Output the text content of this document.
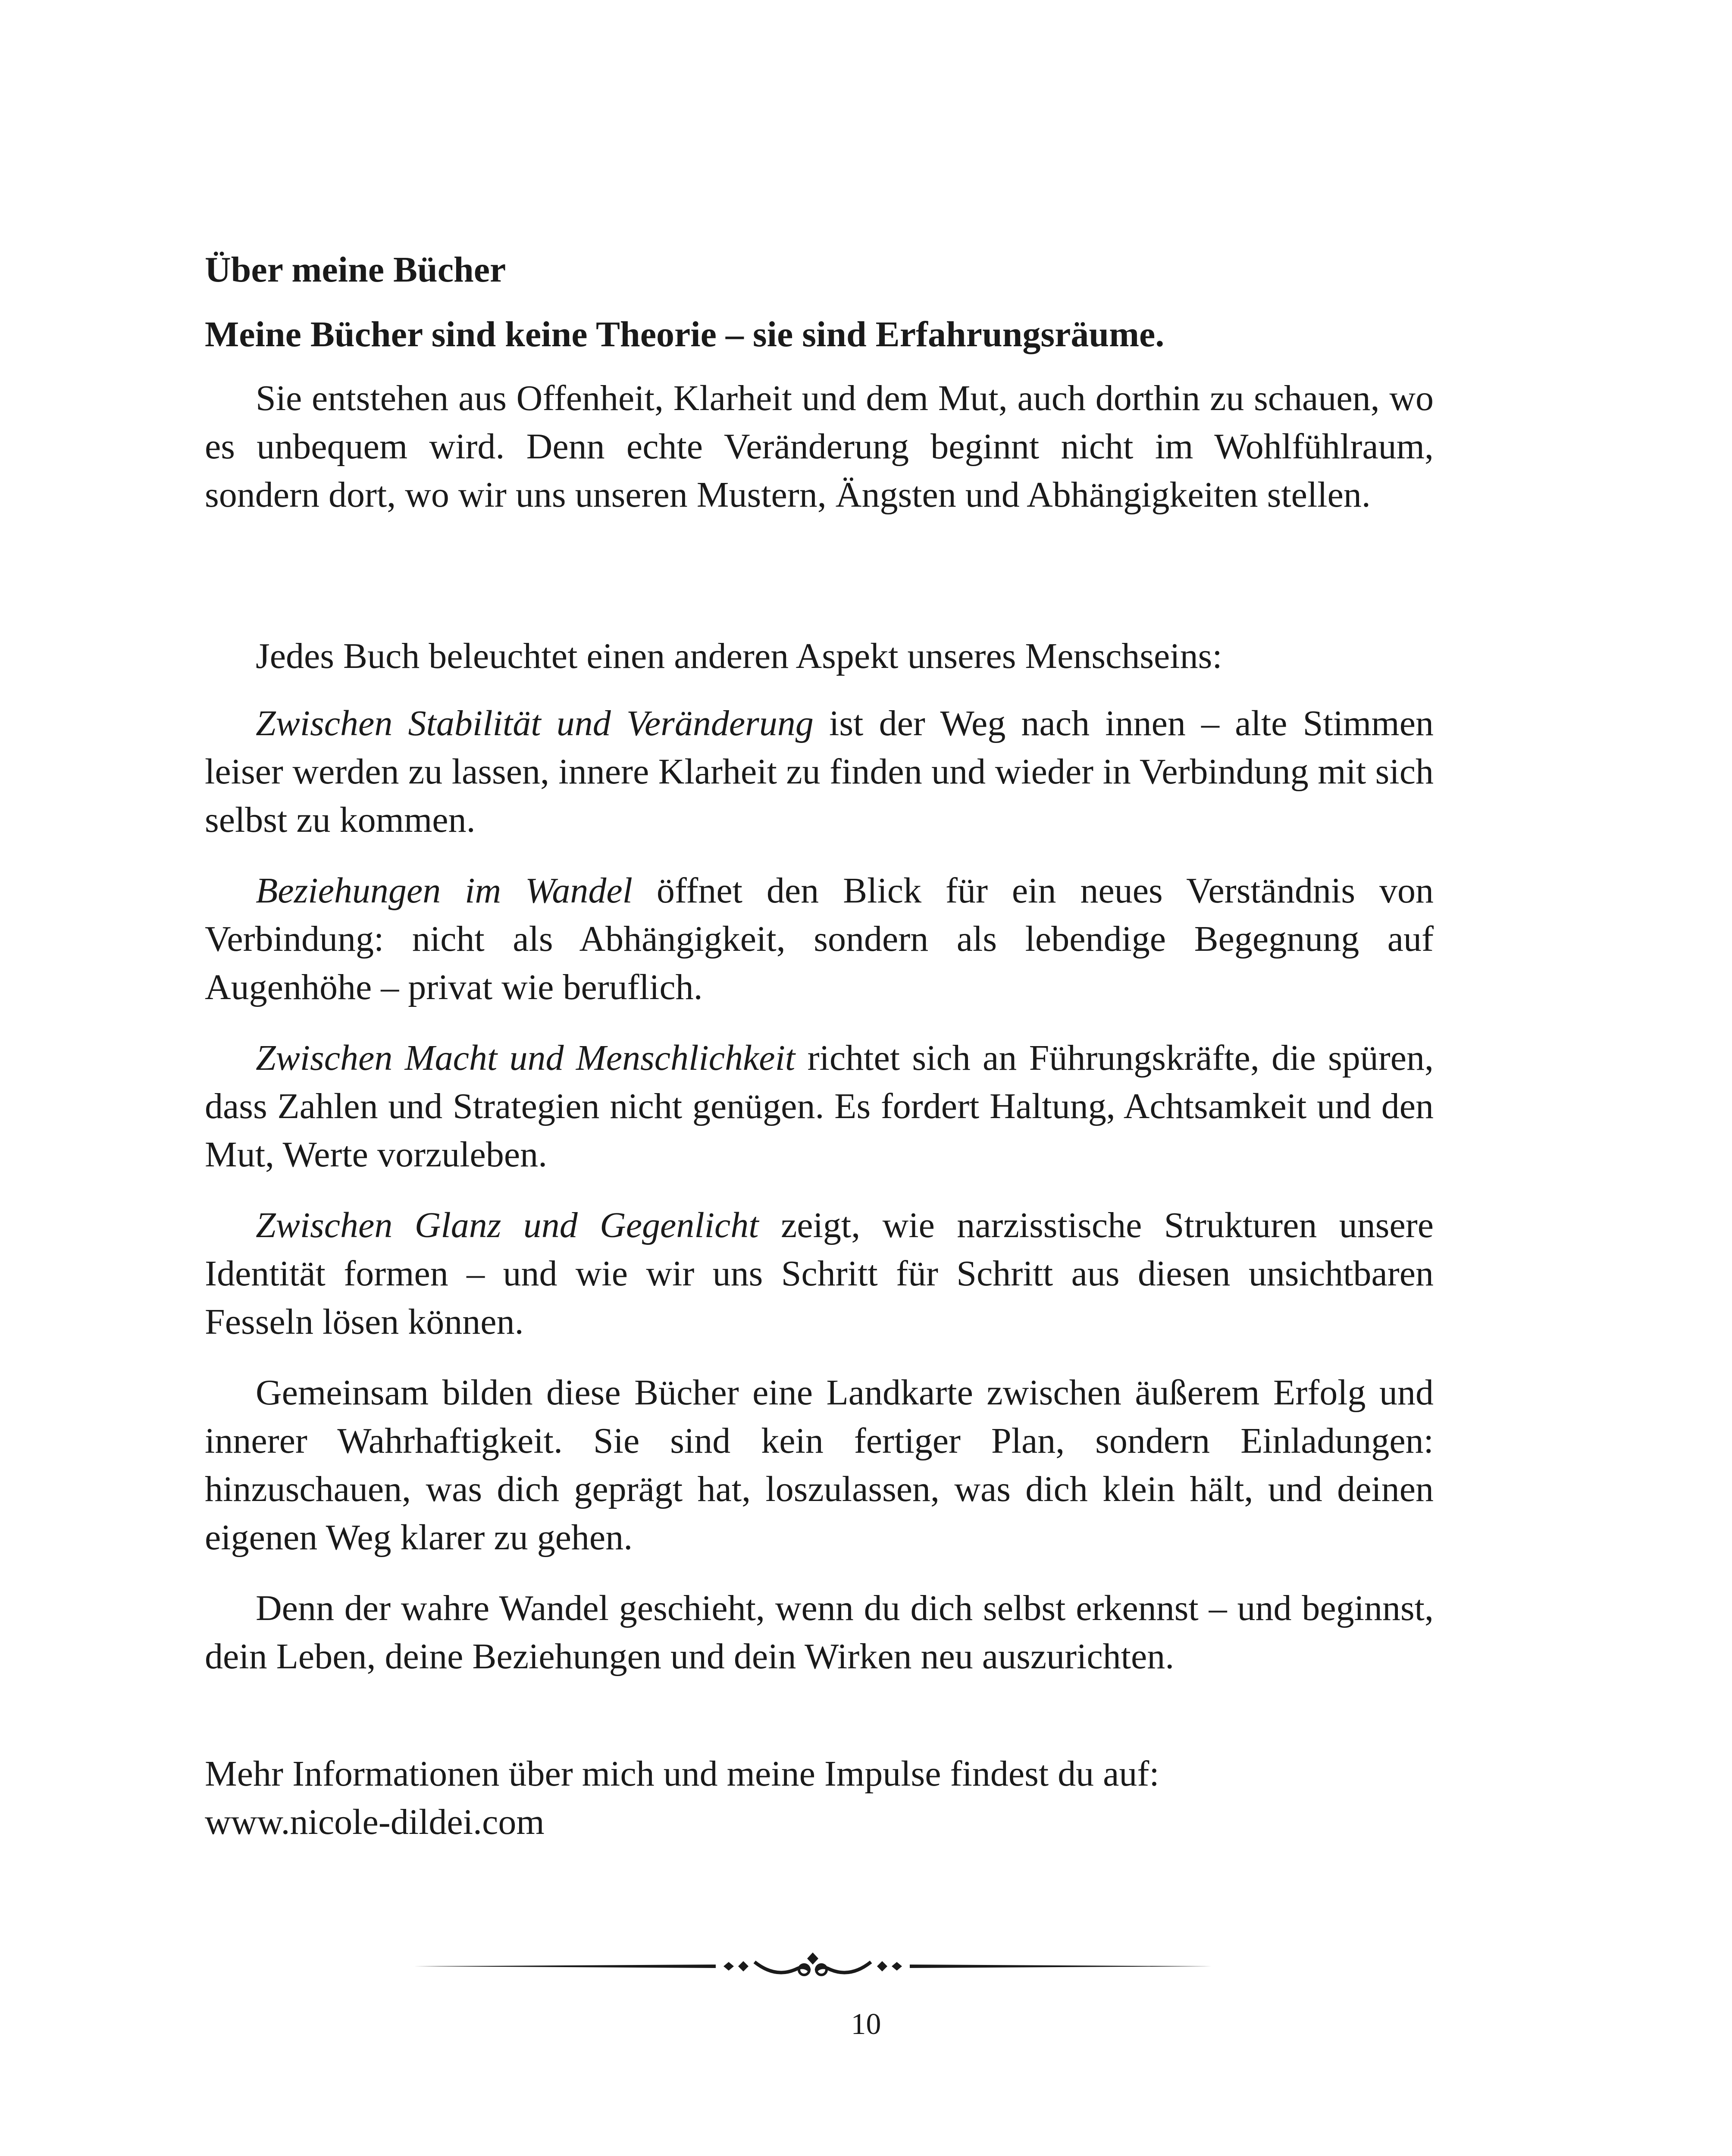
Über meine Bücher

Meine Bücher sind keine Theorie – sie sind Erfahrungsräume.

Sie entstehen aus Offenheit, Klarheit und dem Mut, auch dorthin zu schauen, wo es unbequem wird. Denn echte Veränderung beginnt nicht im Wohlfühlraum, sondern dort, wo wir uns unseren Mustern, Ängsten und Abhängigkeiten stellen.

Jedes Buch beleuchtet einen anderen Aspekt unseres Menschseins:

Zwischen Stabilität und Veränderung ist der Weg nach innen – alte Stimmen leiser werden zu lassen, innere Klarheit zu finden und wieder in Verbindung mit sich selbst zu kommen.

Beziehungen im Wandel öffnet den Blick für ein neues Verständnis von Verbindung: nicht als Abhängigkeit, sondern als lebendige Begegnung auf Augenhöhe – privat wie beruflich.

Zwischen Macht und Menschlichkeit richtet sich an Führungskräfte, die spüren, dass Zahlen und Strategien nicht genügen. Es fordert Haltung, Achtsamkeit und den Mut, Werte vorzuleben.

Zwischen Glanz und Gegenlicht zeigt, wie narzisstische Strukturen unsere Identität formen – und wie wir uns Schritt für Schritt aus diesen unsichtbaren Fesseln lösen können.

Gemeinsam bilden diese Bücher eine Landkarte zwischen äußerem Erfolg und innerer Wahrhaftigkeit. Sie sind kein fertiger Plan, sondern Einladungen: hinzuschauen, was dich geprägt hat, loszulassen, was dich klein hält, und deinen eigenen Weg klarer zu gehen.

Denn der wahre Wandel geschieht, wenn du dich selbst erkennst – und beginnst, dein Leben, deine Beziehungen und dein Wirken neu auszurichten.

Mehr Informationen über mich und meine Impulse findest du auf:
www.nicole-dildei.com

10
